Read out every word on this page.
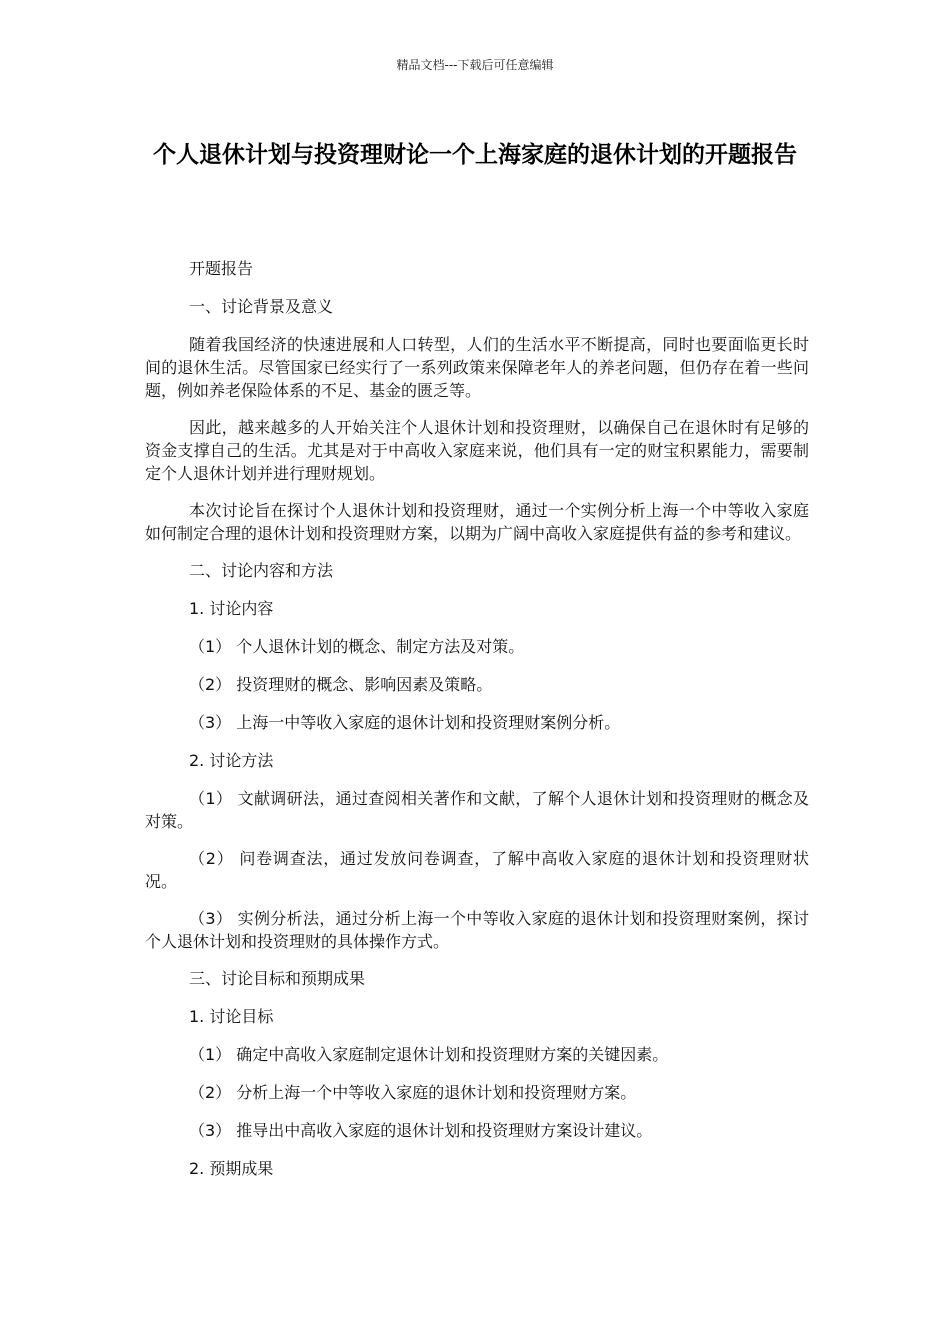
精品文档---下载后可任意编辑
个人退休计划与投资理财论一个上海家庭的退休计划的开题报告

开题报告

一、讨论背景及意义

随着我国经济的快速进展和人口转型，人们的生活水平不断提高，同时也要面临更长时间的退休生活。尽管国家已经实行了一系列政策来保障老年人的养老问题，但仍存在着一些问题，例如养老保险体系的不足、基金的匮乏等。

因此，越来越多的人开始关注个人退休计划和投资理财，以确保自己在退休时有足够的资金支撑自己的生活。尤其是对于中高收入家庭来说，他们具有一定的财宝积累能力，需要制定个人退休计划并进行理财规划。

本次讨论旨在探讨个人退休计划和投资理财，通过一个实例分析上海一个中等收入家庭如何制定合理的退休计划和投资理财方案，以期为广阔中高收入家庭提供有益的参考和建议。

二、讨论内容和方法

1. 讨论内容

（1） 个人退休计划的概念、制定方法及对策。

（2） 投资理财的概念、影响因素及策略。

（3） 上海一中等收入家庭的退休计划和投资理财案例分析。

2. 讨论方法

（1） 文献调研法，通过查阅相关著作和文献，了解个人退休计划和投资理财的概念及对策。

（2） 问卷调查法，通过发放问卷调查，了解中高收入家庭的退休计划和投资理财状况。

（3） 实例分析法，通过分析上海一个中等收入家庭的退休计划和投资理财案例，探讨个人退休计划和投资理财的具体操作方式。

三、讨论目标和预期成果

1. 讨论目标

（1） 确定中高收入家庭制定退休计划和投资理财方案的关键因素。

（2） 分析上海一个中等收入家庭的退休计划和投资理财方案。

（3） 推导出中高收入家庭的退休计划和投资理财方案设计建议。

2. 预期成果
